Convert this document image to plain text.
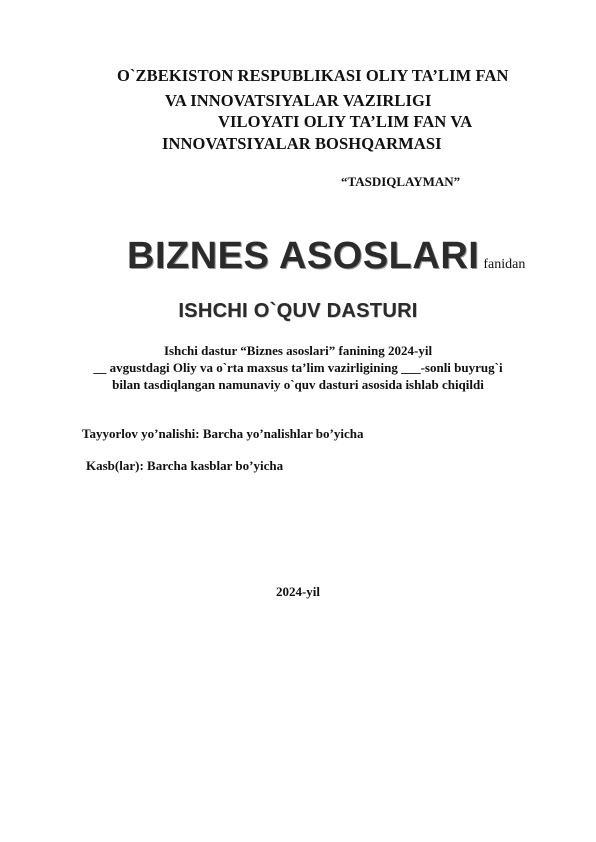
O`ZBEKISTON RESPUBLIKASI OLIY TA’LIM FAN
VA INNOVATSIYALAR VAZIRLIGI
VILOYATI OLIY TA’LIM FAN VA
INNOVATSIYALAR BOSHQARMASI
“TASDIQLAYMAN”
BIZNES ASOSLARI fanidan
ISHCHI O`QUV DASTURI
Ishchi dastur “Biznes asoslari” fanining 2024-yil
__ avgustdagi Oliy va o`rta maxsus ta’lim vazirligining ___-sonli buyrug`i
bilan tasdiqlangan namunaviy o`quv dasturi asosida ishlab chiqildi
Tayyorlov yo’nalishi: Barcha yo’nalishlar bo’yicha
Kasb(lar): Barcha kasblar bo’yicha
2024-yil
